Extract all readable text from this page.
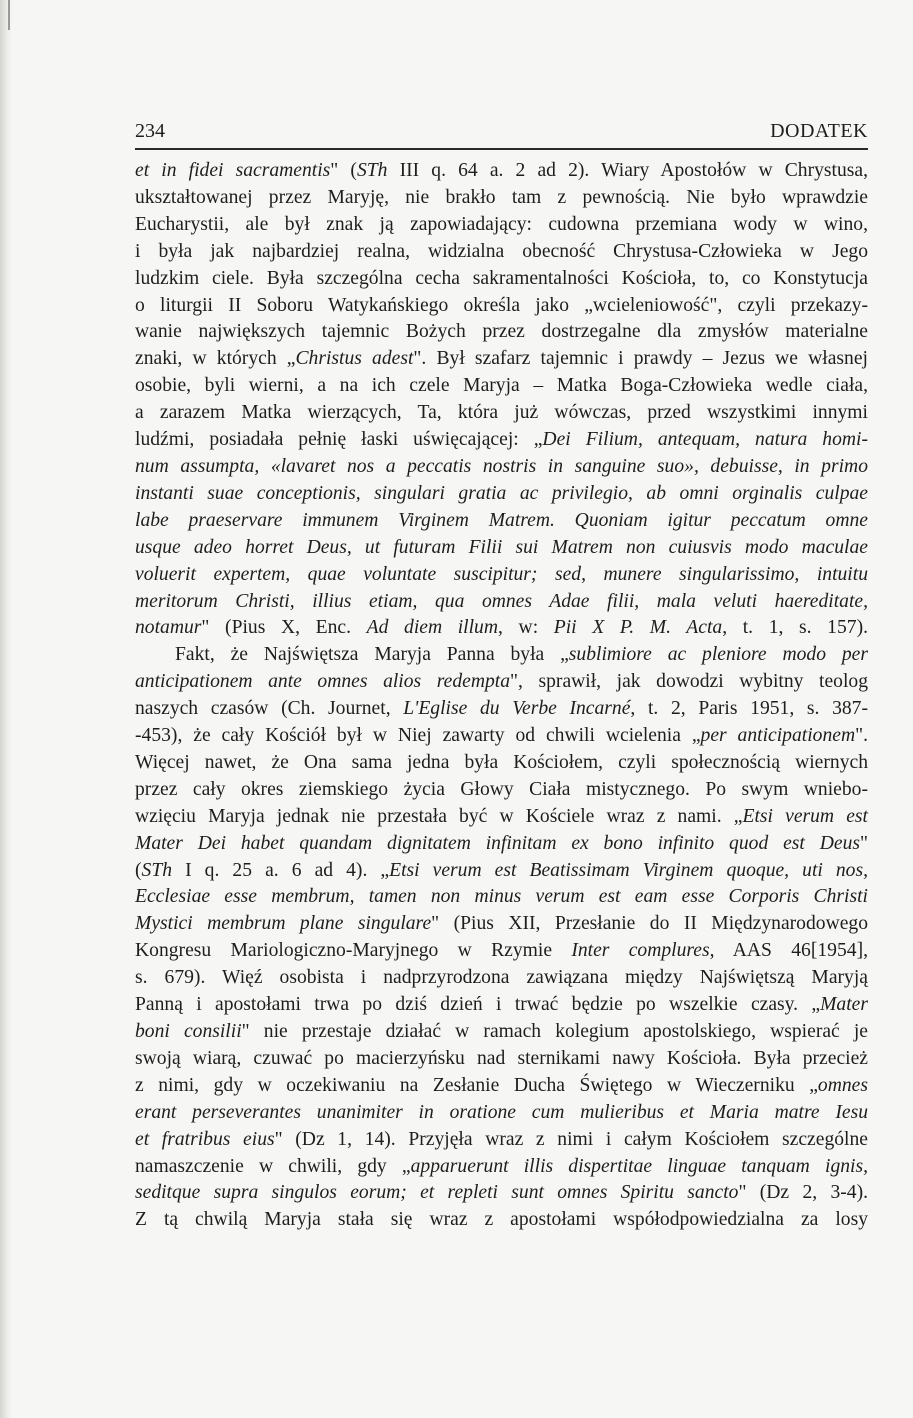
234	DODATEK
et in fidei sacramentis" (STh III q. 64 a. 2 ad 2). Wiary Apostołów w Chrystusa,
ukształtowanej przez Maryję, nie brakło tam z pewnością. Nie było wprawdzie
Eucharystii, ale był znak ją zapowiadający: cudowna przemiana wody w wino,
i była jak najbardziej realna, widzialna obecność Chrystusa-Człowieka w Jego
ludzkim ciele. Była szczególna cecha sakramentalności Kościoła, to, co Konstytucja
o liturgii II Soboru Watykańskiego określa jako „wcieleniowość", czyli przekazy-
wanie największych tajemnic Bożych przez dostrzegalne dla zmysłów materialne
znaki, w których „Christus adest". Był szafarz tajemnic i prawdy – Jezus we własnej
osobie, byli wierni, a na ich czele Maryja – Matka Boga-Człowieka wedle ciała,
a zarazem Matka wierzących, Ta, która już wówczas, przed wszystkimi innymi
ludźmi, posiadała pełnię łaski uświęcającej: „Dei Filium, antequam, natura homi-
num assumpta, «lavaret nos a peccatis nostris in sanguine suo», debuisse, in primo
instanti suae conceptionis, singulari gratia ac privilegio, ab omni orginalis culpae
labe praeservare immunem Virginem Matrem. Quoniam igitur peccatum omne
usque adeo horret Deus, ut futuram Filii sui Matrem non cuiusvis modo maculae
voluerit expertem, quae voluntate suscipitur; sed, munere singularissimo, intuitu
meritorum Christi, illius etiam, qua omnes Adae filii, mala veluti haereditate,
notamur" (Pius X, Enc. Ad diem illum, w: Pii X P. M. Acta, t. 1, s. 157).
Fakt, że Najświętsza Maryja Panna była „sublimiore ac pleniore modo per
anticipationem ante omnes alios redempta", sprawił, jak dowodzi wybitny teolog
naszych czasów (Ch. Journet, L'Eglise du Verbe Incarné, t. 2, Paris 1951, s. 387-
-453), że cały Kościół był w Niej zawarty od chwili wcielenia „per anticipationem".
Więcej nawet, że Ona sama jedna była Kościołem, czyli społecznością wiernych
przez cały okres ziemskiego życia Głowy Ciała mistycznego. Po swym wniebo-
wzięciu Maryja jednak nie przestała być w Kościele wraz z nami. „Etsi verum est
Mater Dei habet quandam dignitatem infinitam ex bono infinito quod est Deus"
(STh I q. 25 a. 6 ad 4). „Etsi verum est Beatissimam Virginem quoque, uti nos,
Ecclesiae esse membrum, tamen non minus verum est eam esse Corporis Christi
Mystici membrum plane singulare" (Pius XII, Przesłanie do II Międzynarodowego
Kongresu Mariologiczno-Maryjnego w Rzymie Inter complures, AAS 46[1954],
s. 679). Więź osobista i nadprzyrodzona zawiązana między Najświętszą Maryją
Panną i apostołami trwa po dziś dzień i trwać będzie po wszelkie czasy. „Mater
boni consilii" nie przestaje działać w ramach kolegium apostolskiego, wspierać je
swoją wiarą, czuwać po macierzyńsku nad sternikami nawy Kościoła. Była przecież
z nimi, gdy w oczekiwaniu na Zesłanie Ducha Świętego w Wieczerniku „omnes
erant perseverantes unanimiter in oratione cum mulieribus et Maria matre Iesu
et fratribus eius" (Dz 1, 14). Przyjęła wraz z nimi i całym Kościołem szczególne
namaszczenie w chwili, gdy „apparuerunt illis dispertitae linguae tanquam ignis,
seditque supra singulos eorum; et repleti sunt omnes Spiritu sancto" (Dz 2, 3-4).
Z tą chwilą Maryja stała się wraz z apostołami współodpowiedzialna za losy
